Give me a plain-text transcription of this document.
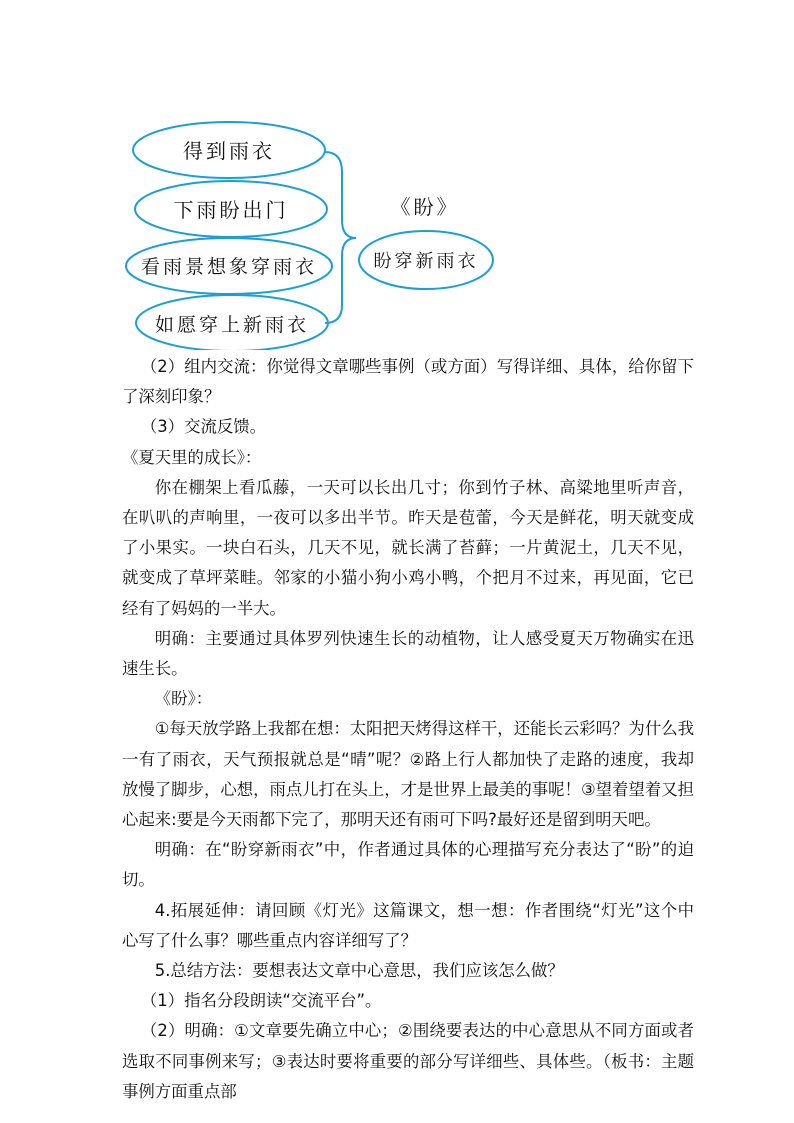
得到雨衣
下雨盼出门
看雨景想象穿雨衣
如愿穿上新雨衣
《盼》
盼穿新雨衣

（2）组内交流：你觉得文章哪些事例（或方面）写得详细、具体，给你留下了深刻印象？

（3）交流反馈。

《夏天里的成长》：

你在棚架上看瓜藤，一天可以长出几寸；你到竹子林、高粱地里听声音，在叭叭的声响里，一夜可以多出半节。昨天是苞蕾，今天是鲜花，明天就变成了小果实。一块白石头，几天不见，就长满了苔藓；一片黄泥土，几天不见，就变成了草坪菜畦。邻家的小猫小狗小鸡小鸭，个把月不过来，再见面，它已经有了妈妈的一半大。

明确：主要通过具体罗列快速生长的动植物，让人感受夏天万物确实在迅速生长。

《盼》：

①每天放学路上我都在想：太阳把天烤得这样干，还能长云彩吗？为什么我一有了雨衣，天气预报就总是“晴”呢？②路上行人都加快了走路的速度，我却放慢了脚步，心想，雨点儿打在头上，才是世界上最美的事呢！③望着望着又担心起来:要是今天雨都下完了，那明天还有雨可下吗?最好还是留到明天吧。

明确：在“盼穿新雨衣”中，作者通过具体的心理描写充分表达了“盼”的迫切。

4.拓展延伸：请回顾《灯光》这篇课文，想一想：作者围绕“灯光”这个中心写了什么事？哪些重点内容详细写了？

5.总结方法：要想表达文章中心意思，我们应该怎么做？

（1）指名分段朗读“交流平台”。

（2）明确：①文章要先确立中心；②围绕要表达的中心意思从不同方面或者选取不同事例来写；③表达时要将重要的部分写详细些、具体些。（板书：主题事例方面重点部
